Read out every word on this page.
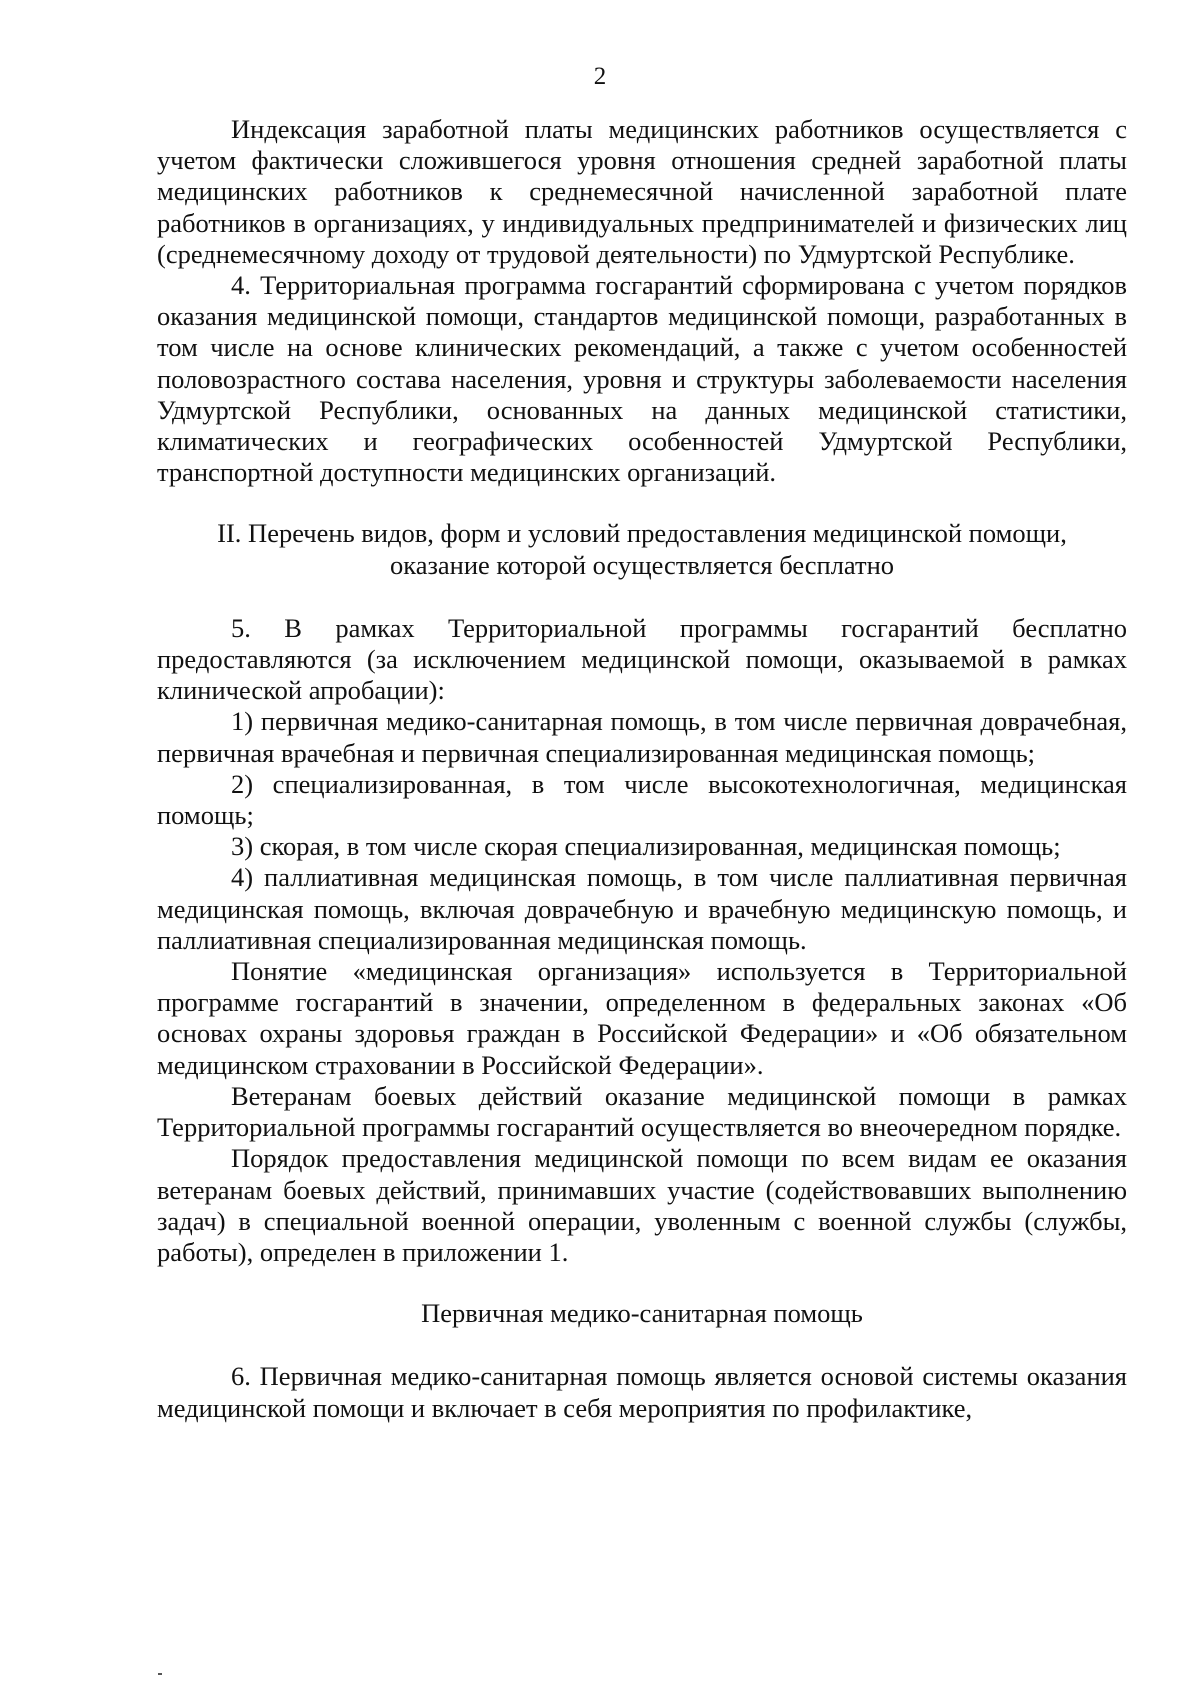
2

Индексация заработной платы медицинских работников осуществляется с учетом фактически сложившегося уровня отношения средней заработной платы медицинских работников к среднемесячной начисленной заработной плате работников в организациях, у индивидуальных предпринимателей и физических лиц (среднемесячному доходу от трудовой деятельности) по Удмуртской Республике.

4. Территориальная программа госгарантий сформирована с учетом порядков оказания медицинской помощи, стандартов медицинской помощи, разработанных в том числе на основе клинических рекомендаций, а также с учетом особенностей половозрастного состава населения, уровня и структуры заболеваемости населения Удмуртской Республики, основанных на данных медицинской статистики, климатических и географических особенностей Удмуртской Республики, транспортной доступности медицинских организаций.

II. Перечень видов, форм и условий предоставления медицинской помощи,

оказание которой осуществляется бесплатно

5. В рамках Территориальной программы госгарантий бесплатно предоставляются (за исключением медицинской помощи, оказываемой в рамках клинической апробации):

1) первичная медико-санитарная помощь, в том числе первичная доврачебная, первичная врачебная и первичная специализированная медицинская помощь;

2) специализированная, в том числе высокотехнологичная, медицинская помощь;

3) скорая, в том числе скорая специализированная, медицинская помощь;

4) паллиативная медицинская помощь, в том числе паллиативная первичная медицинская помощь, включая доврачебную и врачебную медицинскую помощь, и паллиативная специализированная медицинская помощь.

Понятие «медицинская организация» используется в Территориальной программе госгарантий в значении, определенном в федеральных законах «Об основах охраны здоровья граждан в Российской Федерации» и «Об обязательном медицинском страховании в Российской Федерации».

Ветеранам боевых действий оказание медицинской помощи в рамках Территориальной программы госгарантий осуществляется во внеочередном порядке.

Порядок предоставления медицинской помощи по всем видам ее оказания ветеранам боевых действий, принимавших участие (содействовавших выполнению задач) в специальной военной операции, уволенным с военной службы (службы, работы), определен в приложении 1.

Первичная медико-санитарная помощь

6. Первичная медико-санитарная помощь является основой системы оказания медицинской помощи и включает в себя мероприятия по профилактике,
